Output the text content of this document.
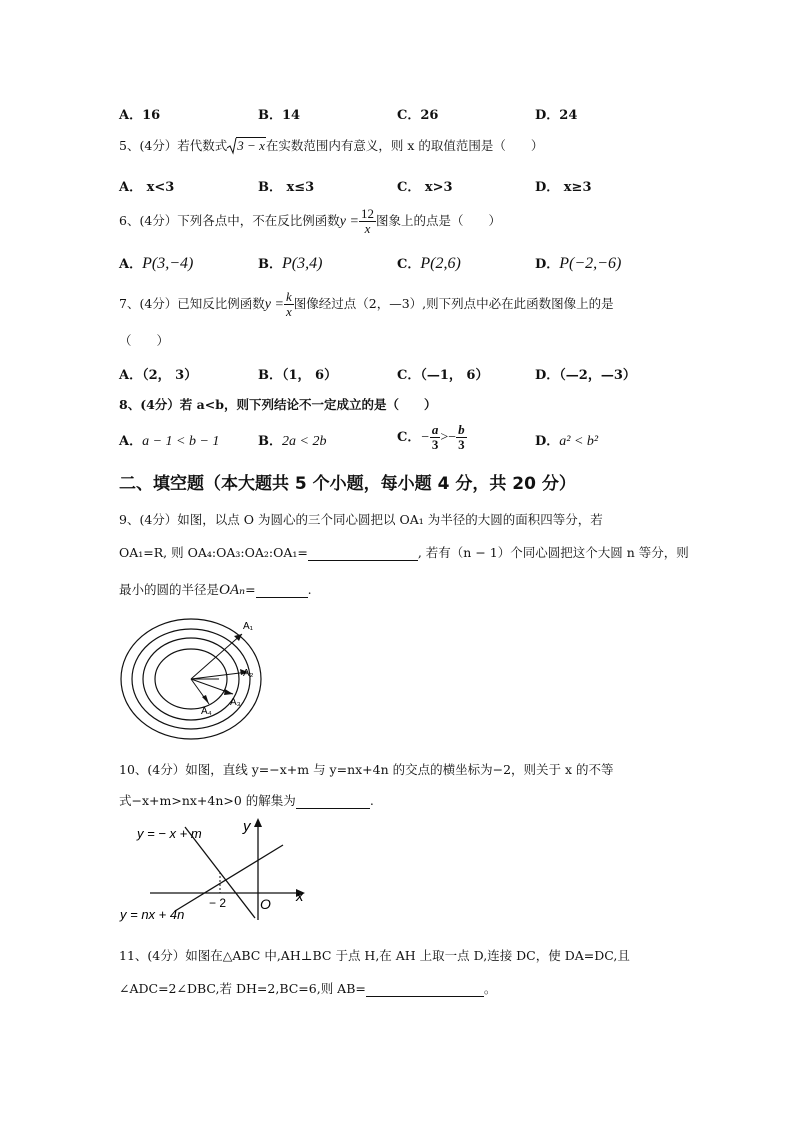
A．16	B．14	C．26	D．24
5、(4分）若代数式 3 − x在实数范围内有意义，则 x 的取值范围是（　　）
A． x<3	B． x≤3	C． x>3	D． x≥3
6、(4分）下列各点中，不在反比例函数$y = \frac{12}{x}$ 图象上的点是（　　）
A．P(3,−4)	B．P(3,4)	C．P(2,6)	D．P(−2,−6)
7、(4分）已知反比例函数$y = \frac{k}{x}$ 图像经过点（2，—3）,则下列点中必在此函数图像上的是
（　　）
A．（2， 3）	B．（1， 6）	C．（—1， 6）	D．（—2，—3）
8、(4分）若 a<b，则下列结论不一定成立的是（　　）
A．a − 1 < b − 1	B．2a < 2b	C．− $\frac{a}{3} >- \frac{b}{3}$	D．a² < b²
二、填空题（本大题共 5 个小题，每小题 4 分，共 20 分）
9、(4分）如图，以点 O 为圆心的三个同心圆把以 OA₁ 为半径的大圆的面积四等分，若
OA₁=R, 则 OA₄:OA₃:OA₂:OA₁=	, 若有（n − 1）个同心圆把这个大圆 n 等分，则
最小的圆的半径是OAₙ=	.
A₁
A₂
A₃
A₄
10、(4分）如图，直线 y=−x+m 与 y=nx+4n 的交点的横坐标为−2，则关于 x 的不等
式−x+m>nx+4n>0 的解集为	.
y = − x + m
y = nx + 4n
y
x
O
− 2
11、(4分）如图在△ABC 中,AH⊥BC 于点 H,在 AH 上取一点 D,连接 DC，使 DA=DC,且
∠ADC=2∠DBC,若 DH=2,BC=6,则 AB=	。
